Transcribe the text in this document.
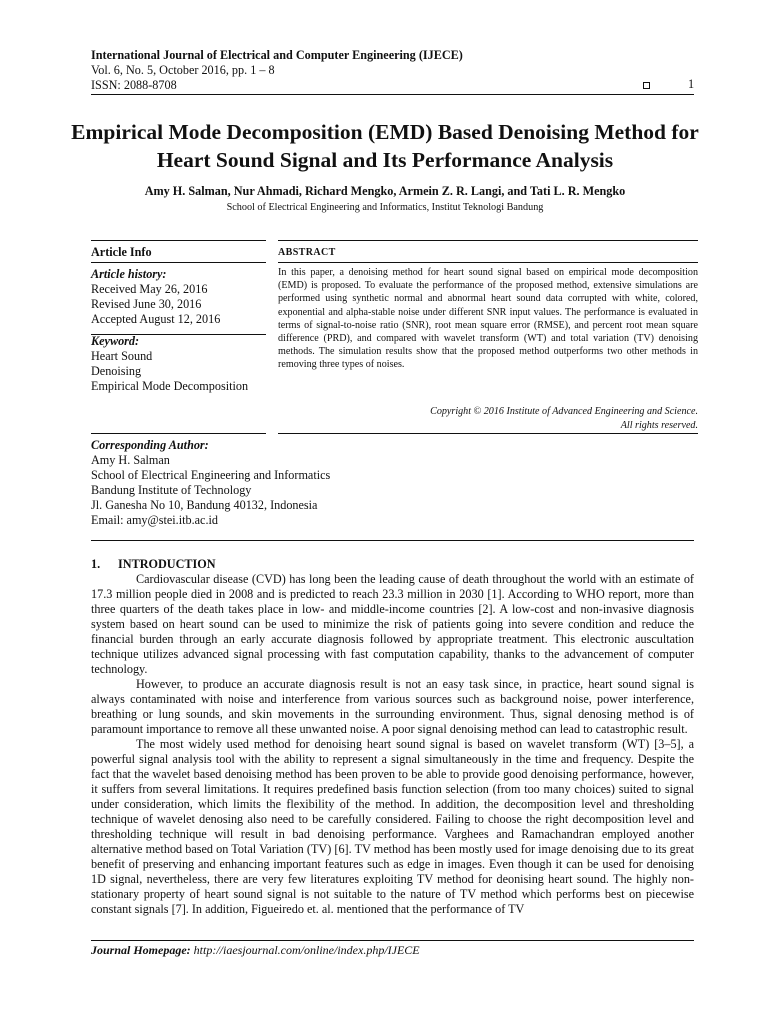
International Journal of Electrical and Computer Engineering (IJECE)
Vol. 6, No. 5, October 2016, pp. 1 – 8
ISSN: 2088-8708	1
Empirical Mode Decomposition (EMD) Based Denoising Method for Heart Sound Signal and Its Performance Analysis
Amy H. Salman, Nur Ahmadi, Richard Mengko, Armein Z. R. Langi, and Tati L. R. Mengko
School of Electrical Engineering and Informatics, Institut Teknologi Bandung
Article Info	ABSTRACT
Article history:
Received May 26, 2016
Revised June 30, 2016
Accepted August 12, 2016
Keyword:
Heart Sound
Denoising
Empirical Mode Decomposition
In this paper, a denoising method for heart sound signal based on empirical mode decomposition (EMD) is proposed. To evaluate the performance of the proposed method, extensive simulations are performed using synthetic normal and abnormal heart sound data corrupted with white, colored, exponential and alpha-stable noise under different SNR input values. The performance is evaluated in terms of signal-to-noise ratio (SNR), root mean square error (RMSE), and percent root mean square difference (PRD), and compared with wavelet transform (WT) and total variation (TV) denoising methods. The simulation results show that the proposed method outperforms two other methods in removing three types of noises.
Copyright © 2016 Institute of Advanced Engineering and Science.
All rights reserved.
Corresponding Author:
Amy H. Salman
School of Electrical Engineering and Informatics
Bandung Institute of Technology
Jl. Ganesha No 10, Bandung 40132, Indonesia
Email: amy@stei.itb.ac.id
1. INTRODUCTION

Cardiovascular disease (CVD) has long been the leading cause of death throughout the world with an estimate of 17.3 million people died in 2008 and is predicted to reach 23.3 million in 2030 [1]. According to WHO report, more than three quarters of the death takes place in low- and middle-income countries [2]. A low-cost and non-invasive diagnosis system based on heart sound can be used to minimize the risk of patients going into severe condition and reduce the financial burden through an early accurate diagnosis followed by appropriate treatment. This electronic auscultation technique utilizes advanced signal processing with fast computation capability, thanks to the advancement of computer technology.

However, to produce an accurate diagnosis result is not an easy task since, in practice, heart sound signal is always contaminated with noise and interference from various sources such as background noise, power interference, breathing or lung sounds, and skin movements in the surrounding environment. Thus, signal denosing method is of paramount importance to remove all these unwanted noise. A poor signal denoising method can lead to catastrophic result.

The most widely used method for denoising heart sound signal is based on wavelet transform (WT) [3–5], a powerful signal analysis tool with the ability to represent a signal simultaneously in the time and frequency. Despite the fact that the wavelet based denoising method has been proven to be able to provide good denoising performance, however, it suffers from several limitations. It requires predefined basis function selection (from too many choices) suited to signal under consideration, which limits the flexibility of the method. In addition, the decomposition level and thresholding technique of wavelet denosing also need to be carefully considered. Failing to choose the right decomposition level and thresholding technique will result in bad denoising performance. Varghees and Ramachandran employed another alternative method based on Total Variation (TV) [6]. TV method has been mostly used for image denoising due to its great benefit of preserving and enhancing important features such as edge in images. Even though it can be used for denoising 1D signal, nevertheless, there are very few literatures exploiting TV method for deonising heart sound. The highly non-stationary property of heart sound signal is not suitable to the nature of TV method which performs best on piecewise constant signals [7]. In addition, Figueiredo et. al. mentioned that the performance of TV

Journal Homepage: http://iaesjournal.com/online/index.php/IJECE
